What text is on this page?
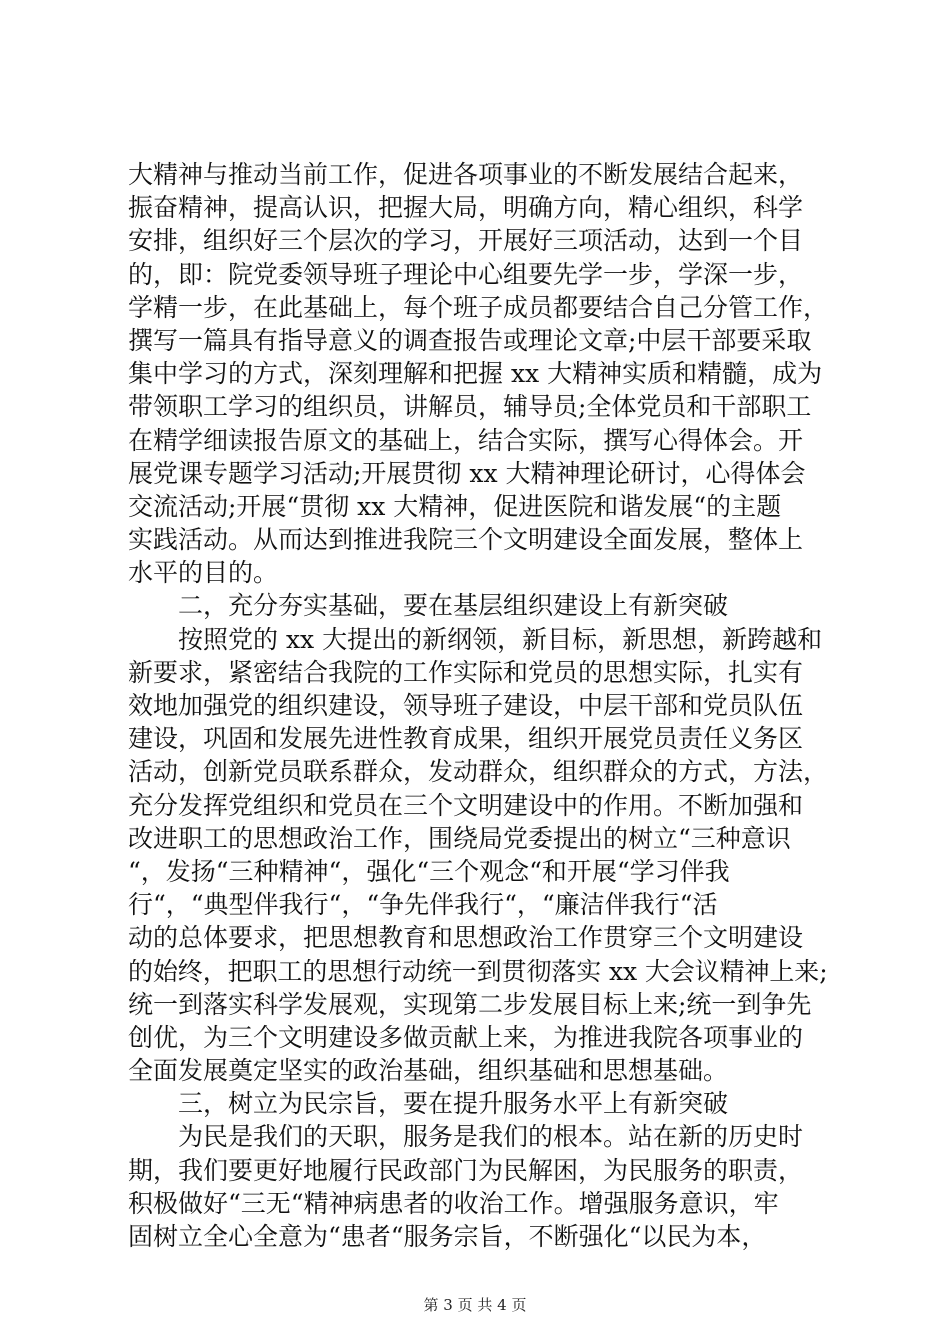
大精神与推动当前工作，促进各项事业的不断发展结合起来，
振奋精神，提高认识，把握大局，明确方向，精心组织，科学
安排，组织好三个层次的学习，开展好三项活动，达到一个目
的，即：院党委领导班子理论中心组要先学一步，学深一步，
学精一步，在此基础上，每个班子成员都要结合自己分管工作，
撰写一篇具有指导意义的调查报告或理论文章;中层干部要采取
集中学习的方式，深刻理解和把握 xx 大精神实质和精髓，成为
带领职工学习的组织员，讲解员，辅导员;全体党员和干部职工
在精学细读报告原文的基础上，结合实际，撰写心得体会。开
展党课专题学习活动;开展贯彻 xx 大精神理论研讨，心得体会
交流活动;开展“贯彻 xx 大精神，促进医院和谐发展“的主题
实践活动。从而达到推进我院三个文明建设全面发展，整体上
水平的目的。
　　二，充分夯实基础，要在基层组织建设上有新突破
　　按照党的 xx 大提出的新纲领，新目标，新思想，新跨越和
新要求，紧密结合我院的工作实际和党员的思想实际，扎实有
效地加强党的组织建设，领导班子建设，中层干部和党员队伍
建设，巩固和发展先进性教育成果，组织开展党员责任义务区
活动，创新党员联系群众，发动群众，组织群众的方式，方法，
充分发挥党组织和党员在三个文明建设中的作用。不断加强和
改进职工的思想政治工作，围绕局党委提出的树立“三种意识
“，发扬“三种精神“，强化“三个观念“和开展“学习伴我
行“，“典型伴我行“，“争先伴我行“，“廉洁伴我行“活
动的总体要求，把思想教育和思想政治工作贯穿三个文明建设
的始终，把职工的思想行动统一到贯彻落实 xx 大会议精神上来;
统一到落实科学发展观，实现第二步发展目标上来;统一到争先
创优，为三个文明建设多做贡献上来，为推进我院各项事业的
全面发展奠定坚实的政治基础，组织基础和思想基础。
　　三，树立为民宗旨，要在提升服务水平上有新突破
　　为民是我们的天职，服务是我们的根本。站在新的历史时
期，我们要更好地履行民政部门为民解困，为民服务的职责，
积极做好“三无“精神病患者的收治工作。增强服务意识，牢
固树立全心全意为“患者“服务宗旨，不断强化“以民为本，
第 3 页 共 4 页
